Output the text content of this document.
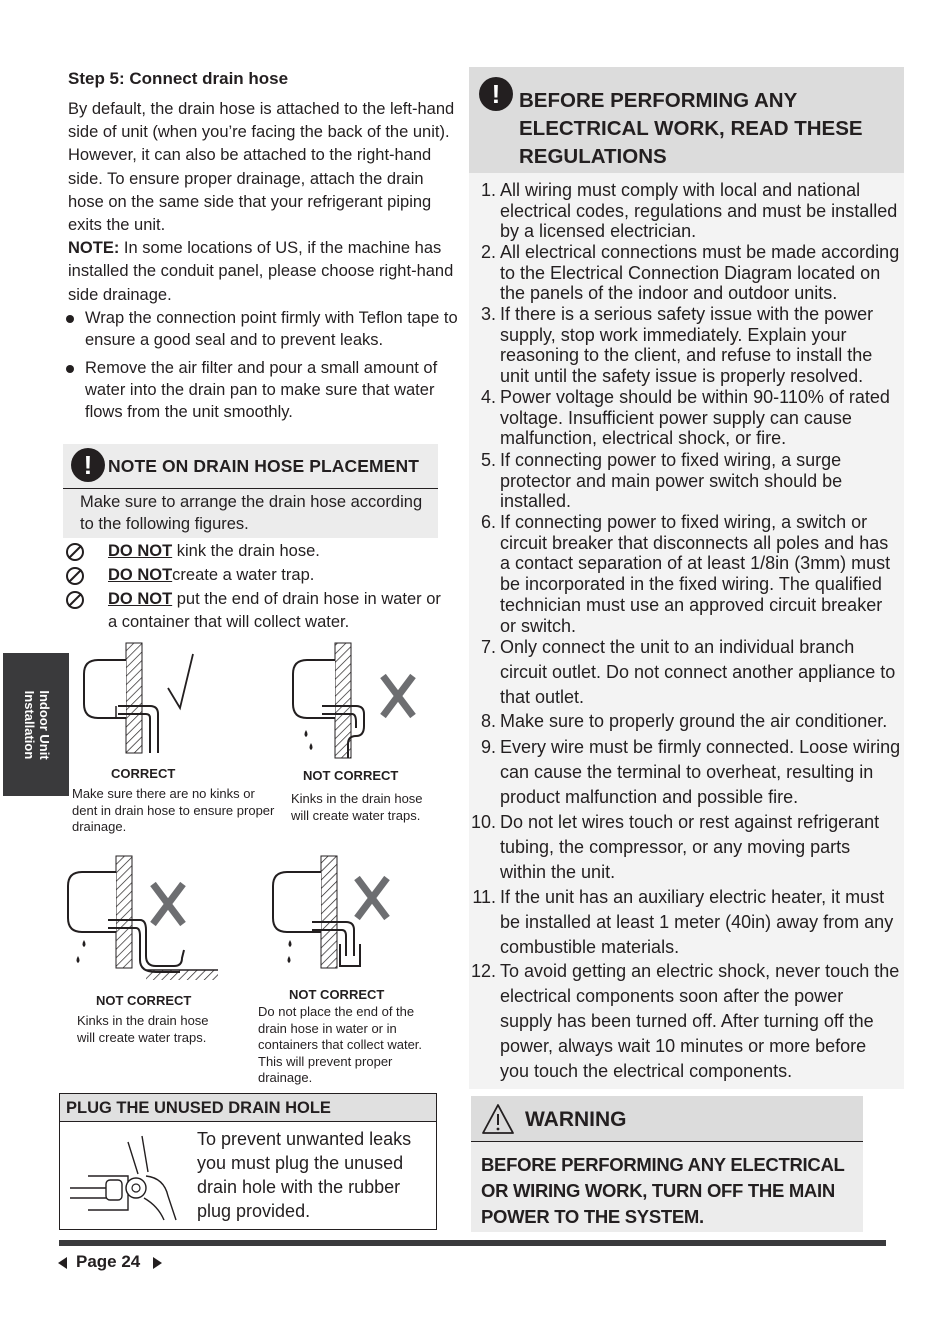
Step 5: Connect drain hose
By default, the drain hose is attached to the left-hand side of unit (when you’re facing the back of the unit). However, it can also be attached to the right-hand side. To ensure proper drainage, attach the drain hose on the same side that your refrigerant piping exits the unit.
NOTE: In some locations of US, if the machine has installed the conduit panel, please choose right-hand side drainage.
Wrap the connection point firmly with Teflon tape to ensure a good seal and to prevent leaks.
Remove the air filter and pour a small amount of water into the drain pan to make sure that water flows from the unit smoothly.
! NOTE ON DRAIN HOSE PLACEMENT
Make sure to arrange the drain hose according to the following figures.
DO NOT kink the drain hose.
DO NOTcreate a water trap.
DO NOT put the end of drain hose in water or a container that will collect water.
CORRECT
Make sure there are no kinks or dent in drain hose to ensure proper drainage.
NOT CORRECT
Kinks in the drain hose will create water traps.
NOT CORRECT
Kinks in the drain hose will create water traps.
NOT CORRECT
Do not place the end of the drain hose in water or in containers that collect water. This will prevent proper drainage.
PLUG THE UNUSED DRAIN HOLE
To prevent unwanted leaks you must plug the unused drain hole with the rubber plug provided.
Indoor Unit
Installation
! BEFORE PERFORMING ANY ELECTRICAL WORK, READ THESE REGULATIONS
1. All wiring must comply with local and national electrical codes, regulations and must be installed by a licensed electrician.
2. All electrical connections must be made according to the Electrical Connection Diagram located on the panels of the indoor and outdoor units.
3. If there is a serious safety issue with the power supply, stop work immediately. Explain your reasoning to the client, and refuse to install the unit until the safety issue is properly resolved.
4. Power voltage should be within 90-110% of rated voltage. Insufficient power supply can cause malfunction, electrical shock, or fire.
5. If connecting power to fixed wiring, a surge protector and main power switch should be installed.
6. If connecting power to fixed wiring, a switch or circuit breaker that disconnects all poles and has a contact separation of at least 1/8in (3mm) must be incorporated in the fixed wiring. The qualified technician must use an approved circuit breaker or switch.
7. Only connect the unit to an individual branch circuit outlet. Do not connect another appliance to that outlet.
8. Make sure to properly ground the air conditioner.
9. Every wire must be firmly connected. Loose wiring can cause the terminal to overheat, resulting in product malfunction and possible fire.
10. Do not let wires touch or rest against refrigerant tubing, the compressor, or any moving parts within the unit.
11. If the unit has an auxiliary electric heater, it must be installed at least 1 meter (40in) away from any combustible materials.
12. To avoid getting an electric shock, never touch the electrical components soon after the power supply has been turned off. After turning off the power, always wait 10 minutes or more before you touch the electrical components.
WARNING
BEFORE PERFORMING ANY ELECTRICAL OR WIRING WORK, TURN OFF THE MAIN POWER TO THE SYSTEM.
Page 24
